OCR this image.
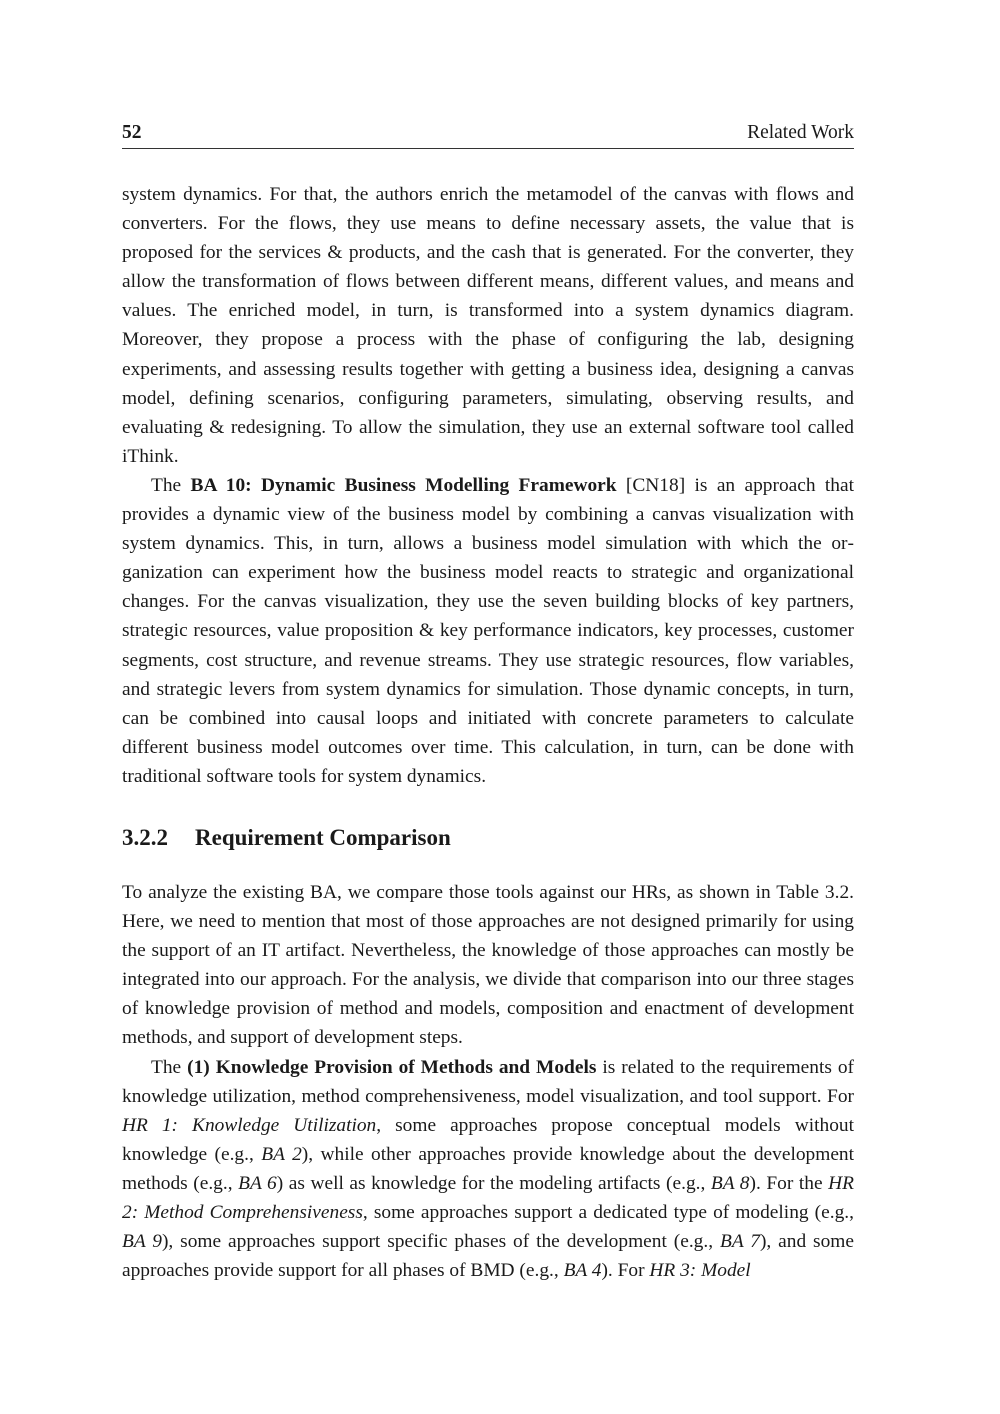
52	Related Work

system dynamics. For that, the authors enrich the metamodel of the canvas with flows and converters. For the flows, they use means to define necessary assets, the value that is proposed for the services & products, and the cash that is generated. For the converter, they allow the transformation of flows between different means, different values, and means and values. The enriched model, in turn, is transformed into a system dynamics diagram. Moreover, they propose a process with the phase of configuring the lab, designing experiments, and assessing results together with getting a business idea, designing a canvas model, defining scenarios, configuring parameters, simulating, observing results, and evaluating & redesigning. To allow the simulation, they use an external software tool called iThink.

The BA 10: Dynamic Business Modelling Framework [CN18] is an approach that provides a dynamic view of the business model by combining a canvas visualization with system dynamics. This, in turn, allows a business model simulation with which the organization can experiment how the business model reacts to strategic and organizational changes. For the canvas visualization, they use the seven building blocks of key partners, strategic resources, value proposition & key performance indicators, key processes, customer segments, cost structure, and revenue streams. They use strategic resources, flow variables, and strategic levers from system dynamics for simulation. Those dynamic concepts, in turn, can be combined into causal loops and initiated with concrete parameters to calculate different business model outcomes over time. This calculation, in turn, can be done with traditional software tools for system dynamics.

3.2.2	Requirement Comparison

To analyze the existing BA, we compare those tools against our HRs, as shown in Table 3.2. Here, we need to mention that most of those approaches are not designed primarily for using the support of an IT artifact. Nevertheless, the knowledge of those approaches can mostly be integrated into our approach. For the analysis, we divide that comparison into our three stages of knowledge provision of method and models, composition and enactment of development methods, and support of development steps.

The (1) Knowledge Provision of Methods and Models is related to the requirements of knowledge utilization, method comprehensiveness, model visualization, and tool support. For HR 1: Knowledge Utilization, some approaches propose conceptual models without knowledge (e.g., BA 2), while other approaches provide knowledge about the development methods (e.g., BA 6) as well as knowledge for the modeling artifacts (e.g., BA 8). For the HR 2: Method Comprehensiveness, some approaches support a dedicated type of modeling (e.g., BA 9), some approaches support specific phases of the development (e.g., BA 7), and some approaches provide support for all phases of BMD (e.g., BA 4). For HR 3: Model
